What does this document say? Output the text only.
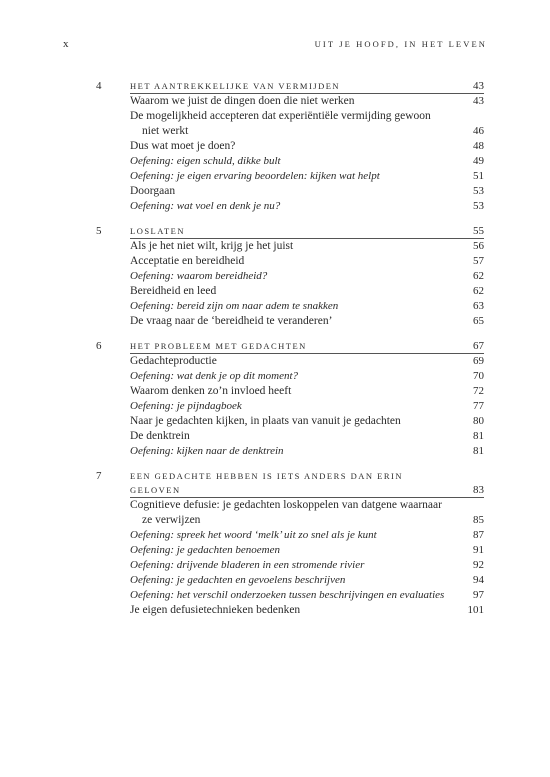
x	UIT JE HOOFD, IN HET LEVEN
4	HET AANTREKKELIJKE VAN VERMIJDEN	43
Waarom we juist de dingen doen die niet werken	43
De mogelijkheid accepteren dat experiëntiële vermijding gewoon
niet werkt	46
Dus wat moet je doen?	48
Oefening: eigen schuld, dikke bult	49
Oefening: je eigen ervaring beoordelen: kijken wat helpt	51
Doorgaan	53
Oefening: wat voel en denk je nu?	53
5	LOSLATEN	55
Als je het niet wilt, krijg je het juist	56
Acceptatie en bereidheid	57
Oefening: waarom bereidheid?	62
Bereidheid en leed	62
Oefening: bereid zijn om naar adem te snakken	63
De vraag naar de ‘bereidheid te veranderen’	65
6	HET PROBLEEM MET GEDACHTEN	67
Gedachteproductie	69
Oefening: wat denk je op dit moment?	70
Waarom denken zo’n invloed heeft	72
Oefening: je pijndagboek	77
Naar je gedachten kijken, in plaats van vanuit je gedachten	80
De denktrein	81
Oefening: kijken naar de denktrein	81
7	EEN GEDACHTE HEBBEN IS IETS ANDERS DAN ERIN GELOVEN	83
Cognitieve defusie: je gedachten loskoppelen van datgene waarnaar
ze verwijzen	85
Oefening: spreek het woord ‘melk’ uit zo snel als je kunt	87
Oefening: je gedachten benoemen	91
Oefening: drijvende bladeren in een stromende rivier	92
Oefening: je gedachten en gevoelens beschrijven	94
Oefening: het verschil onderzoeken tussen beschrijvingen en evaluaties	97
Je eigen defusietechnieken bedenken	101
